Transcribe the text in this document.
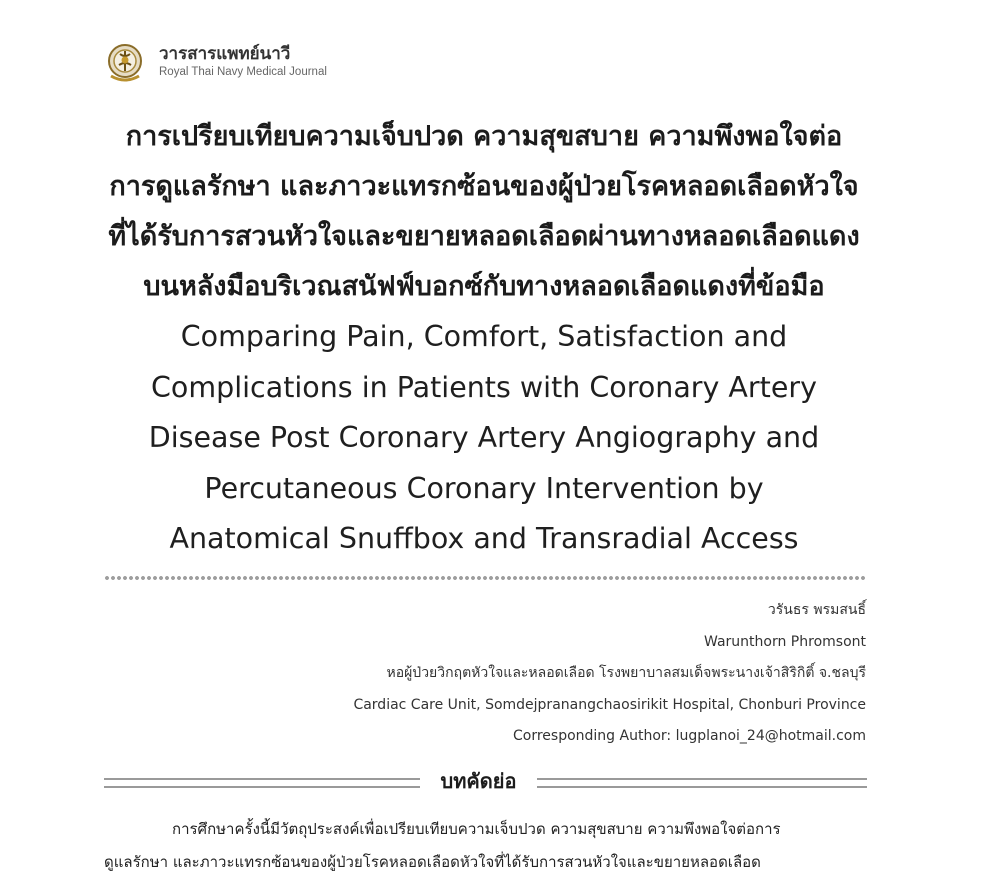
วารสารแพทย์นาวี
Royal Thai Navy Medical Journal
การเปรียบเทียบความเจ็บปวด ความสุขสบาย ความพึงพอใจต่อ
การดูแลรักษา และภาวะแทรกซ้อนของผู้ป่วยโรคหลอดเลือดหัวใจ
ที่ได้รับการสวนหัวใจและขยายหลอดเลือดผ่านทางหลอดเลือดแดง
บนหลังมือบริเวณสนัฟฟ์บอกซ์กับทางหลอดเลือดแดงที่ข้อมือ
Comparing Pain, Comfort, Satisfaction and
Complications in Patients with Coronary Artery
Disease Post Coronary Artery Angiography and
Percutaneous Coronary Intervention by
Anatomical Snuffbox and Transradial Access
วรันธร พรมสนธิ์
Warunthorn Phromsont
หอผู้ป่วยวิกฤตหัวใจและหลอดเลือด โรงพยาบาลสมเด็จพระนางเจ้าสิริกิติ์ จ.ชลบุรี
Cardiac Care Unit, Somdejpranangchaosirikit Hospital, Chonburi Province
Corresponding Author: lugplanoi_24@hotmail.com
บทคัดย่อ
การศึกษาครั้งนี้มีวัตถุประสงค์เพื่อเปรียบเทียบความเจ็บปวด ความสุขสบาย ความพึงพอใจต่อการ
ดูแลรักษา และภาวะแทรกซ้อนของผู้ป่วยโรคหลอดเลือดหัวใจที่ได้รับการสวนหัวใจและขยายหลอดเลือด
